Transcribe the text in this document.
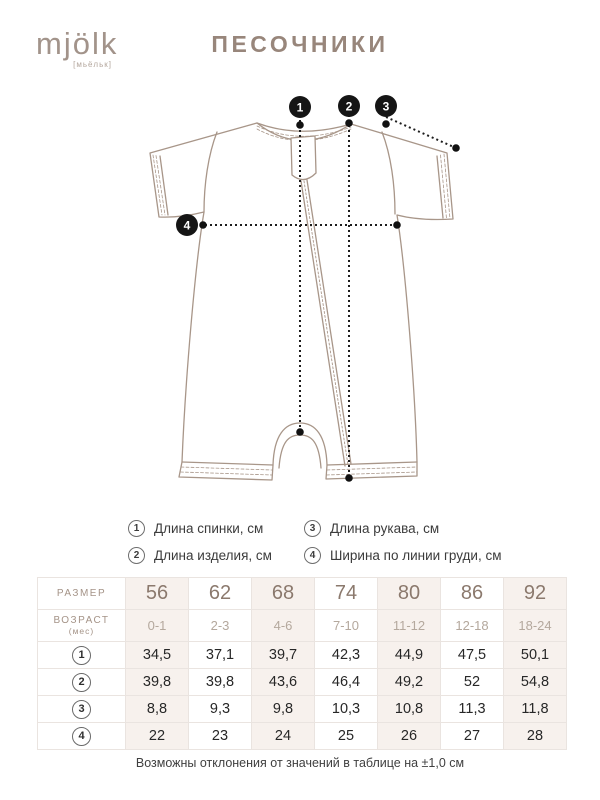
mjölk
[мьёльк]
ПЕСОЧНИКИ
1	2	3
4
1	Длина спинки, см	3	Длина рукава, см
2	Длина изделия, см	4	Ширина по линии груди, см
РАЗМЕР	56	62	68	74	80	86	92

ВОЗРАСТ
(мес)	0-1	2-3	4-6	7-10	11-12	12-18	18-24
1	34,5	37,1	39,7	42,3	44,9	47,5	50,1
2	39,8	39,8	43,6	46,4	49,2	52	54,8
3	8,8	9,3	9,8	10,3	10,8	11,3	11,8
4	22	23	24	25	26	27	28
Возможны отклонения от значений в таблице на ±1,0 см
